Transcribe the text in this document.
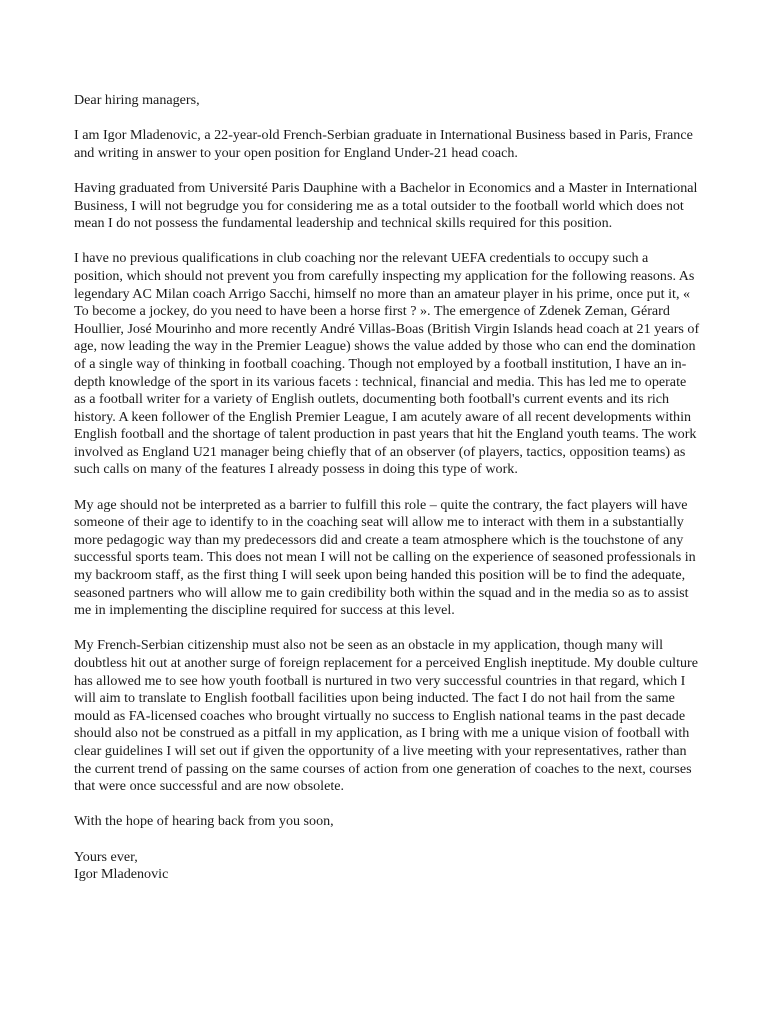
Dear hiring managers,

I am Igor Mladenovic, a 22-year-old French-Serbian graduate in International Business based in Paris, France and writing in answer to your open position for England Under-21 head coach.

Having graduated from Université Paris Dauphine with a Bachelor in Economics and a Master in International Business, I will not begrudge you for considering me as a total outsider to the football world which does not mean I do not possess the fundamental leadership and technical skills required for this position.

I have no previous qualifications in club coaching nor the relevant UEFA credentials to occupy such a position, which should not prevent you from carefully inspecting my application for the following reasons. As legendary AC Milan coach Arrigo Sacchi, himself no more than an amateur player in his prime, once put it, « To become a jockey, do you need to have been a horse first ? ». The emergence of Zdenek Zeman, Gérard Houllier, José Mourinho and more recently André Villas-Boas (British Virgin Islands head coach at 21 years of age, now leading the way in the Premier League) shows the value added by those who can end the domination of a single way of thinking in football coaching. Though not employed by a football institution, I have an in-depth knowledge of the sport in its various facets : technical, financial and media. This has led me to operate as a football writer for a variety of English outlets, documenting both football's current events and its rich history. A keen follower of the English Premier League, I am acutely aware of all recent developments within English football and the shortage of talent production in past years that hit the England youth teams. The work involved as England U21 manager being chiefly that of an observer (of players, tactics, opposition teams) as such calls on many of the features I already possess in doing this type of work.

My age should not be interpreted as a barrier to fulfill this role – quite the contrary, the fact players will have someone of their age to identify to in the coaching seat will allow me to interact with them in a substantially more pedagogic way than my predecessors did and create a team atmosphere which is the touchstone of any successful sports team. This does not mean I will not be calling on the experience of seasoned professionals in my backroom staff, as the first thing I will seek upon being handed this position will be to find the adequate, seasoned partners who will allow me to gain credibility both within the squad and in the media so as to assist me in implementing the discipline required for success at this level.

My French-Serbian citizenship must also not be seen as an obstacle in my application, though many will doubtless hit out at another surge of foreign replacement for a perceived English ineptitude. My double culture has allowed me to see how youth football is nurtured in two very successful countries in that regard, which I will aim to translate to English football facilities upon being inducted. The fact I do not hail from the same mould as FA-licensed coaches who brought virtually no success to English national teams in the past decade should also not be construed as a pitfall in my application, as I bring with me a unique vision of football with clear guidelines I will set out if given the opportunity of a live meeting with your representatives, rather than the current trend of passing on the same courses of action from one generation of coaches to the next, courses that were once successful and are now obsolete.

With the hope of hearing back from you soon,

Yours ever,

Igor Mladenovic
